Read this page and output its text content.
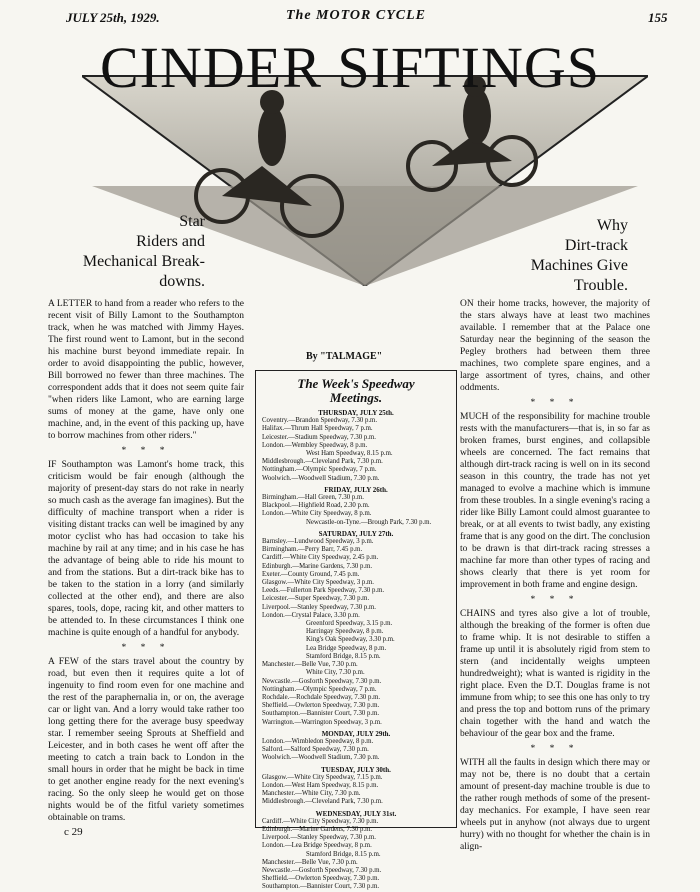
JULY 25th, 1929.	The MOTOR CYCLE	155
CINDER SIFTINGS
Star
Riders and
Mechanical Break-
downs.
Why
Dirt-track
Machines Give
Trouble.

A LETTER to hand from a reader who refers to the recent visit of Billy Lamont to the Southampton track, when he was matched with Jimmy Hayes. The first round went to Lamont, but in the second his machine burst beyond immediate repair. In order to avoid disappointing the public, however, Bill borrowed no fewer than three machines. The correspondent adds that it does not seem quite fair "when riders like Lamont, who are earning large sums of money at the game, have only one machine, and, in the event of this packing up, have to borrow machines from other riders."

* * *

IF Southampton was Lamont's home track, this criticism would be fair enough (although the majority of present-day stars do not rake in nearly so much cash as the average fan imagines). But the difficulty of machine transport when a rider is visiting distant tracks can well be imagined by any motor cyclist who has had occasion to take his machine by rail at any time; and in his case he has the advantage of being able to ride his mount to and from the stations. But a dirt-track bike has to be taken to the station in a lorry (and similarly collected at the other end), and there are also spares, tools, dope, racing kit, and other matters to be attended to. In these circumstances I think one machine is quite enough of a handful for anybody.

* * *

A FEW of the stars travel about the country by road, but even then it requires quite a lot of ingenuity to find room even for one machine and the rest of the paraphernalia in, or on, the average car or light van. And a lorry would take rather too long getting there for the average busy speedway star. I remember seeing Sprouts at Sheffield and Leicester, and in both cases he went off after the meeting to catch a train back to London in the small hours in order that he might be back in time to get another engine ready for the next evening's racing. So the only sleep he would get on those nights would be of the fitful variety sometimes obtainable on trams.

By "TALMAGE"
The Week's Speedway
Meetings.
THURSDAY, JULY 25th.
Coventry.—Brandon Speedway, 7.30 p.m.
Halifax.—Thrum Hall Speedway, 7 p.m.
Leicester.—Stadium Speedway, 7.30 p.m.
London.—Wembley Speedway, 8 p.m.
West Ham Speedway, 8.15 p.m.
Middlesbrough.—Cleveland Park, 7.30 p.m.
Nottingham.—Olympic Speedway, 7 p.m.
Woolwich.—Woodwell Stadium, 7.30 p.m.
FRIDAY, JULY 26th.
Birmingham.—Hall Green, 7.30 p.m.
Blackpool.—Highfield Road, 2.30 p.m.
London.—White City Speedway, 8 p.m.
Newcastle-on-Tyne.—Brough Park, 7.30 p.m.
SATURDAY, JULY 27th.
Barnsley.—Lundwood Speedway, 3 p.m.
Birmingham.—Perry Barr, 7.45 p.m.
Cardiff.—White City Speedway, 2.45 p.m.
Edinburgh.—Marine Gardens, 7.30 p.m.
Exeter.—County Ground, 7.45 p.m.
Glasgow.—White City Speedway, 3 p.m.
Leeds.—Fullerton Park Speedway, 7.30 p.m.
Leicester.—Super Speedway, 7.30 p.m.
Liverpool.—Stanley Speedway, 7.30 p.m.
London.—Crystal Palace, 3.30 p.m.
Greenford Speedway, 3.15 p.m.
Harringay Speedway, 8 p.m.
King's Oak Speedway, 3.30 p.m.
Lea Bridge Speedway, 8 p.m.
Stamford Bridge, 8.15 p.m.
Manchester.—Belle Vue, 7.30 p.m.
White City, 7.30 p.m.
Newcastle.—Gosforth Speedway, 7.30 p.m.
Nottingham.—Olympic Speedway, 7 p.m.
Rochdale.—Rochdale Speedway, 7.30 p.m.
Sheffield.—Owlerton Speedway, 7.30 p.m.
Southampton.—Bannister Court, 7.30 p.m.
Warrington.—Warrington Speedway, 3 p.m.
MONDAY, JULY 29th.
London.—Wimbledon Speedway, 8 p.m.
Salford.—Salford Speedway, 7.30 p.m.
Woolwich.—Woodwell Stadium, 7.30 p.m.
TUESDAY, JULY 30th.
Glasgow.—White City Speedway, 7.15 p.m.
London.—West Ham Speedway, 8.15 p.m.
Manchester.—White City, 7.30 p.m.
Middlesbrough.—Cleveland Park, 7.30 p.m.
WEDNESDAY, JULY 31st.
Cardiff.—White City Speedway, 7.30 p.m.
Edinburgh.—Marine Gardens, 7.30 p.m.
Liverpool.—Stanley Speedway, 7.30 p.m.
London.—Lea Bridge Speedway, 8 p.m.
Stamford Bridge, 8.15 p.m.
Manchester.—Belle Vue, 7.30 p.m.
Newcastle.—Gosforth Speedway, 7.30 p.m.
Sheffield.—Owlerton Speedway, 7.30 p.m.
Southampton.—Bannister Court, 7.30 p.m.

ON their home tracks, however, the majority of the stars always have at least two machines available. I remember that at the Palace one Saturday near the beginning of the season the Pegley brothers had between them three machines, two complete spare engines, and a large assortment of tyres, chains, and other oddments.

* * *

MUCH of the responsibility for machine trouble rests with the manufacturers—that is, in so far as broken frames, burst engines, and collapsible wheels are concerned. The fact remains that although dirt-track racing is well on in its second season in this country, the trade has not yet managed to evolve a machine which is immune from these troubles. In a single evening's racing a rider like Billy Lamont could almost guarantee to break, or at all events to twist badly, any existing frame that is any good on the dirt. The conclusion to be drawn is that dirt-track racing stresses a machine far more than other types of racing and shows clearly that there is yet room for improvement in both frame and engine design.

* * *

CHAINS and tyres also give a lot of trouble, although the breaking of the former is often due to frame whip. It is not desirable to stiffen a frame up until it is absolutely rigid from stem to stern (and incidentally weighs umpteen hundredweight); what is wanted is rigidity in the right place. Even the D.T. Douglas frame is not immune from whip; to see this one has only to try and press the top and bottom runs of the primary chain together with the hand and watch the behaviour of the gear box and the frame.

* * *

WITH all the faults in design which there may or may not be, there is no doubt that a certain amount of present-day machine trouble is due to the rather rough methods of some of the present-day mechanics. For example, I have seen rear wheels put in anyhow (not always due to urgent hurry) with no thought for whether the chain is in align-

c 29
